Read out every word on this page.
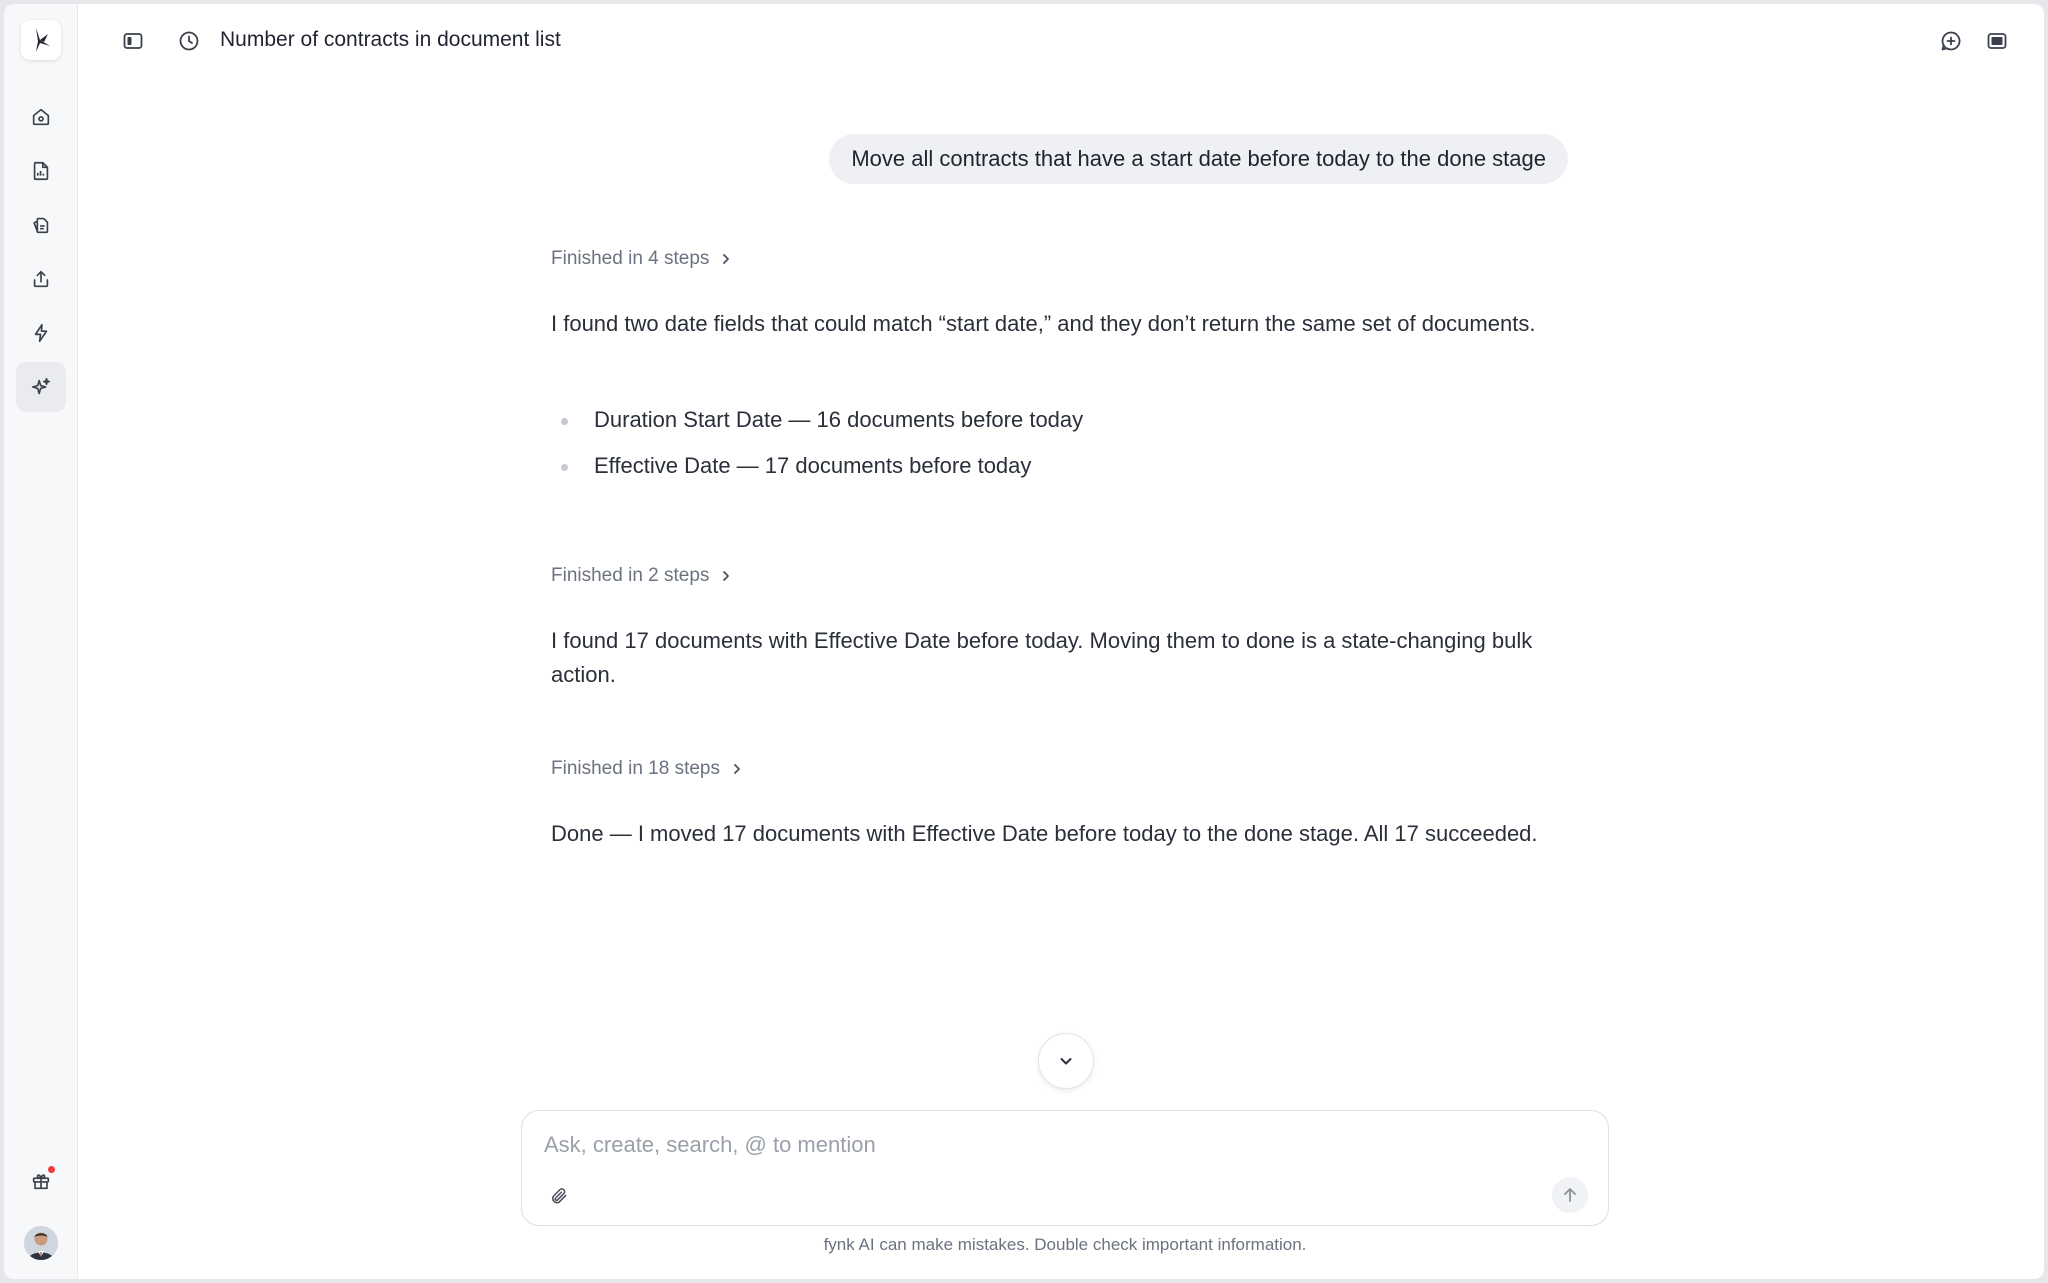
Number of contracts in document list
Move all contracts that have a start date before today to the done stage
Finished in 4 steps
I found two date fields that could match “start date,” and they don’t return the same set of documents.
Duration Start Date — 16 documents before today
Effective Date — 17 documents before today
Finished in 2 steps
I found 17 documents with Effective Date before today. Moving them to done is a state-changing bulk action.
Finished in 18 steps
Done — I moved 17 documents with Effective Date before today to the done stage. All 17 succeeded.
Ask, create, search, @ to mention
fynk AI can make mistakes. Double check important information.
